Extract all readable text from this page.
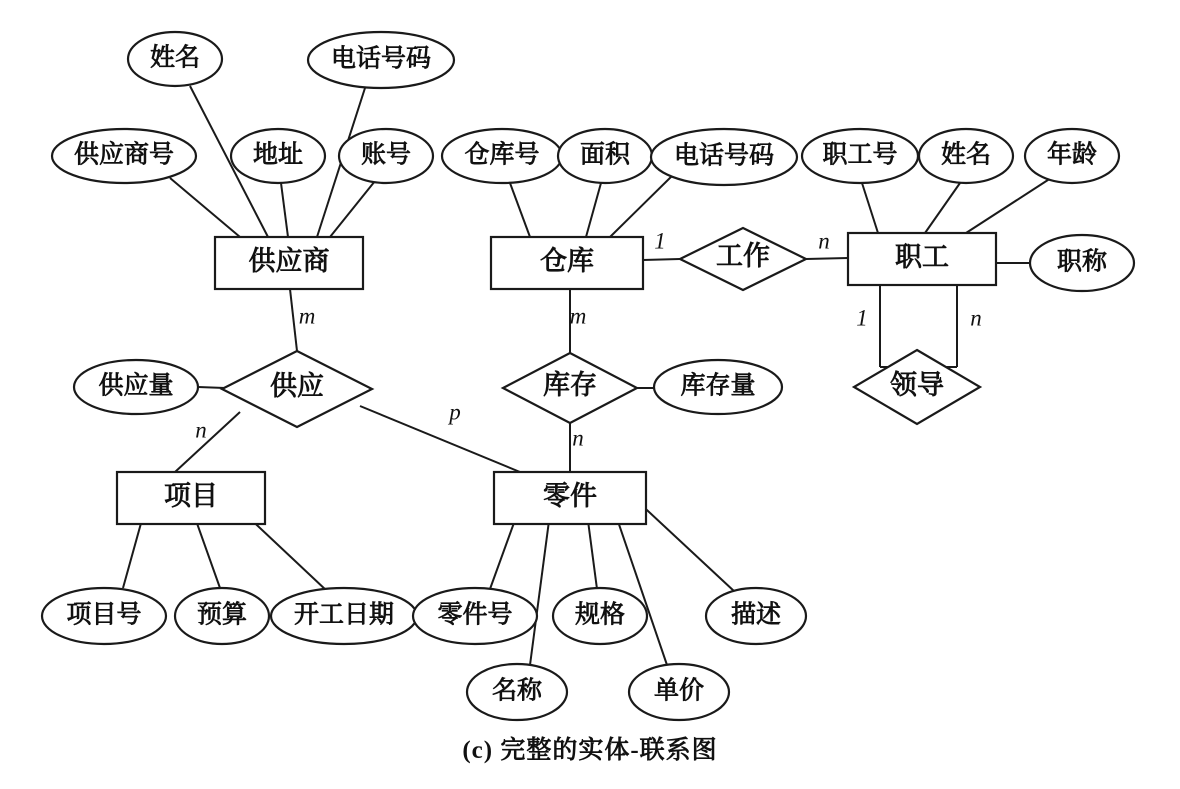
供应商	仓库	职工
项目	零件
工作
供应	库存	领导
供应商号
姓名
地址
电话号码
账号 仓库号 面积 电话号码 职工号 姓名 年龄
职称
供应量	库存量
项目号 预算 开工日期 零件号
名称
规格
单价
描述
1	n
1	n
m
n
p
m
n
(c) 完整的实体-联系图
